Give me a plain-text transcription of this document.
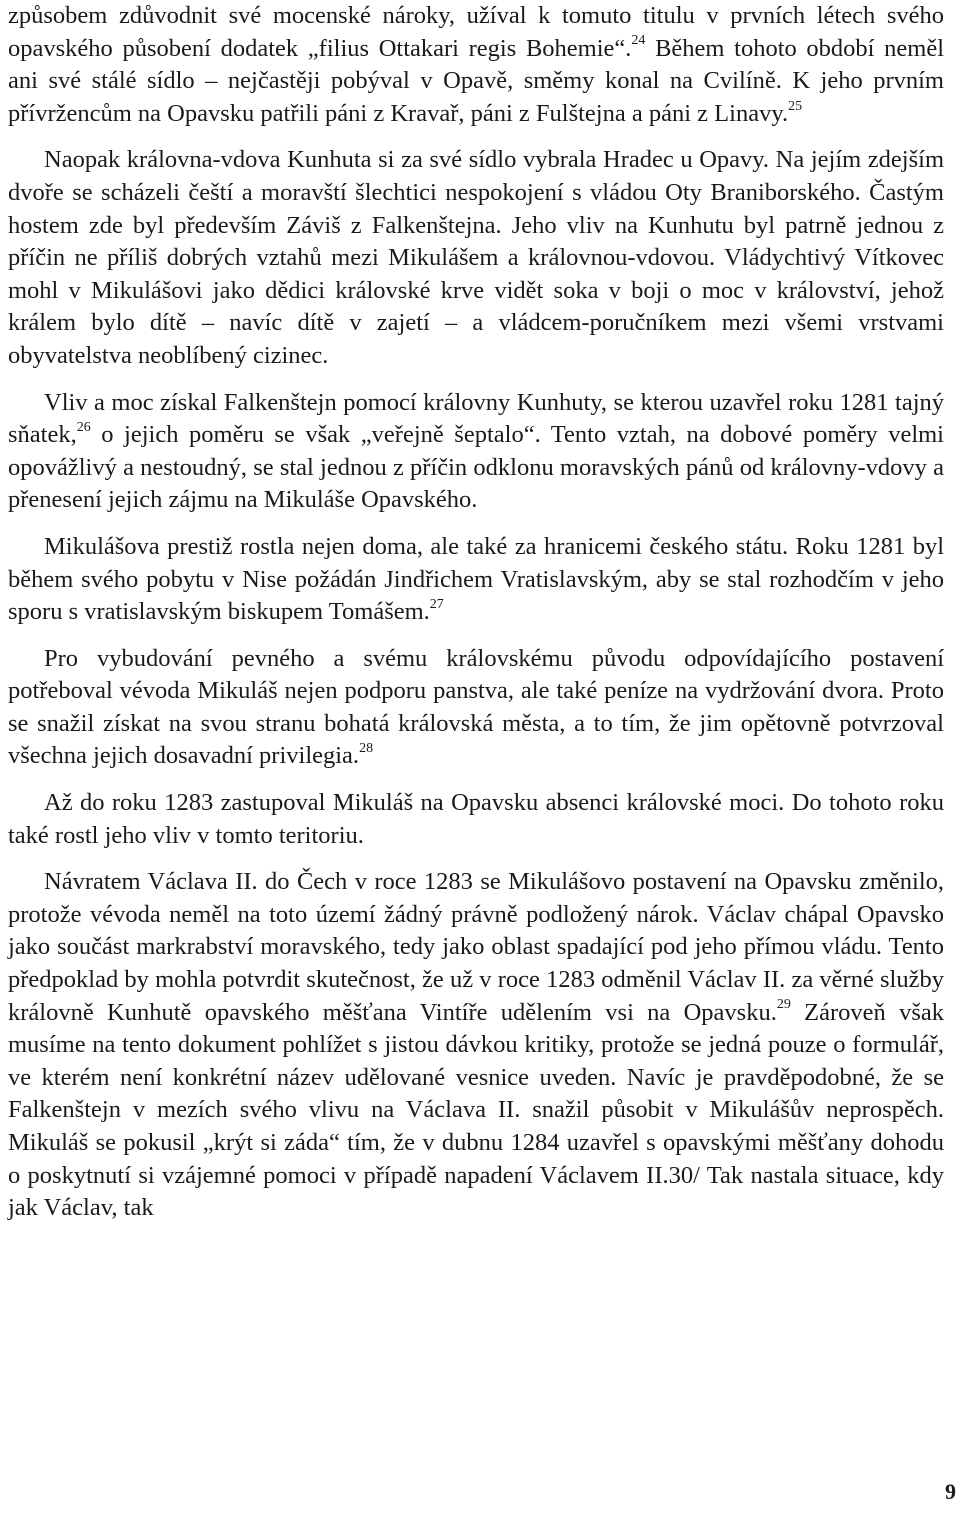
způsobem zdůvodnit své mocenské nároky, užíval k tomuto titulu v prvních létech svého opavského působení dodatek „filius Ottakari regis Bohemie“.$^{24}$ Během tohoto období neměl ani své stálé sídlo – nejčastěji pobýval v Opavě, směmy konal na Cvilíně. K jeho prvním přívržencům na Opavsku patřili páni z Kravař, páni z Fulštejna a páni z Linavy.$^{25}$

Naopak královna-vdova Kunhuta si za své sídlo vybrala Hradec u Opavy. Na jejím zdejším dvoře se scházeli čeští a moravští šlechtici nespokojení s vládou Oty Braniborského. Častým hostem zde byl především Záviš z Falkenštejna. Jeho vliv na Kunhutu byl patrně jednou z příčin ne příliš dobrých vztahů mezi Mikulášem a královnou-vdovou. Vládychtivý Vítkovec mohl v Mikulášovi jako dědici královské krve vidět soka v boji o moc v království, jehož králem bylo dítě – navíc dítě v zajetí – a vládcem-poručníkem mezi všemi vrstvami obyvatelstva neoblíbený cizinec.

Vliv a moc získal Falkenštejn pomocí královny Kunhuty, se kterou uzavřel roku 1281 tajný sňatek,$^{26}$ o jejich poměru se však „veřejně šeptalo“. Tento vztah, na dobové poměry velmi opovážlivý a nestoudný, se stal jednou z příčin odklonu moravských pánů od královny-vdovy a přenesení jejich zájmu na Mikuláše Opavského.

Mikulášova prestiž rostla nejen doma, ale také za hranicemi českého státu. Roku 1281 byl během svého pobytu v Nise požádán Jindřichem Vratislavským, aby se stal rozhodčím v jeho sporu s vratislavským biskupem Tomášem.$^{27}$

Pro vybudování pevného a svému královskému původu odpovídajícího postavení potřeboval vévoda Mikuláš nejen podporu panstva, ale také peníze na vydržování dvora. Proto se snažil získat na svou stranu bohatá královská města, a to tím, že jim opětovně potvrzoval všechna jejich dosavadní privilegia.$^{28}$

Až do roku 1283 zastupoval Mikuláš na Opavsku absenci královské moci. Do tohoto roku také rostl jeho vliv v tomto teritoriu.

Návratem Václava II. do Čech v roce 1283 se Mikulášovo postavení na Opavsku změnilo, protože vévoda neměl na toto území žádný právně podložený nárok. Václav chápal Opavsko jako součást markrabství moravského, tedy jako oblast spadající pod jeho přímou vládu. Tento předpoklad by mohla potvrdit skutečnost, že už v roce 1283 odměnil Václav II. za věrné služby královně Kunhutě opavského měšťana Vintíře udělením vsi na Opavsku.$^{29}$ Zároveň však musíme na tento dokument pohlížet s jistou dávkou kritiky, protože se jedná pouze o formulář, ve kterém není konkrétní název udělované vesnice uveden. Navíc je pravděpodobné, že se Falkenštejn v mezích svého vlivu na Václava II. snažil působit v Mikulášův neprospěch. Mikuláš se pokusil „krýt si záda“ tím, že v dubnu 1284 uzavřel s opavskými měšťany dohodu o poskytnutí si vzájemné pomoci v případě napadení Václavem II.30/ Tak nastala situace, kdy jak Václav, tak

9
